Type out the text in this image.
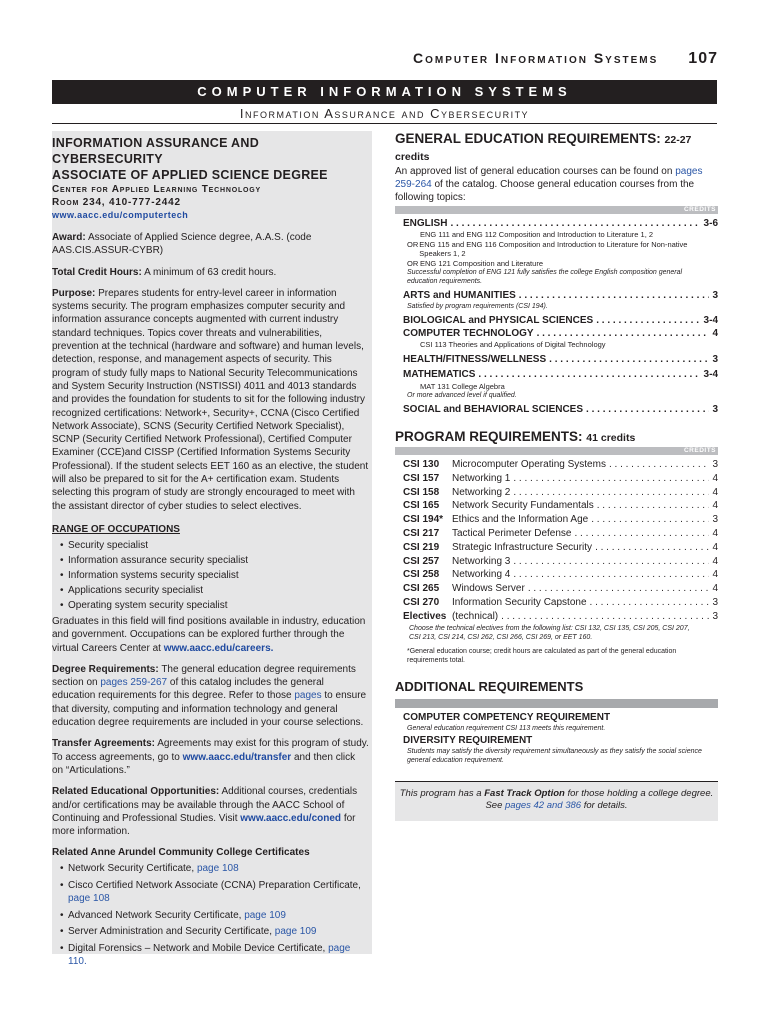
Computer Information Systems 107
COMPUTER INFORMATION SYSTEMS
Information Assurance and Cybersecurity
INFORMATION ASSURANCE AND CYBERSECURITY
ASSOCIATE OF APPLIED SCIENCE DEGREE
Center for Applied Learning Technology
Room 234, 410-777-2442
www.aacc.edu/computertech
Award: Associate of Applied Science degree, A.A.S. (code AAS.CIS.ASSUR-CYBR)
Total Credit Hours: A minimum of 63 credit hours.
Purpose: Prepares students for entry-level career in information systems security. The program emphasizes computer security and information assurance concepts augmented with current industry standard techniques. Topics cover threats and vulnerabilities, prevention at the technical (hardware and software) and human levels, detection, response, and management aspects of security. This program of study fully maps to National Security Telecommunications and System Security Instruction (NSTISSI) 4011 and 4013 standards and provides the foundation for students to sit for the following industry recognized certifications: Network+, Security+, CCNA (Cisco Certified Network Associate), SCNS (Security Certified Network Specialist), SCNP (Security Certified Network Professional), Certified Computer Examiner (CCE)and CISSP (Certified Information Systems Security Professional). If the student selects EET 160 as an elective, the student will also be prepared to sit for the A+ certification exam. Students selecting this program of study are strongly encouraged to meet with the assistant director of cyber studies to select electives.
RANGE OF OCCUPATIONS
• Security specialist
• Information assurance security specialist
• Information systems security specialist
• Applications security specialist
• Operating system security specialist
Graduates in this field will find positions available in industry, education and government. Occupations can be explored further through the virtual Careers Center at www.aacc.edu/careers.
Degree Requirements: The general education degree requirements section on pages 259-267 of this catalog includes the general education requirements for this degree. Refer to those pages to ensure that diversity, computing and information technology and general education degree requirements are included in your course selections.
Transfer Agreements: Agreements may exist for this program of study. To access agreements, go to www.aacc.edu/transfer and then click on “Articulations.”
Related Educational Opportunities: Additional courses, credentials and/or certifications may be available through the AACC School of Continuing and Professional Studies. Visit www.aacc.edu/coned for more information.
Related Anne Arundel Community College Certificates
• Network Security Certificate, page 108
• Cisco Certified Network Associate (CCNA) Preparation Certificate, page 108
• Advanced Network Security Certificate, page 109
• Server Administration and Security Certificate, page 109
• Digital Forensics – Network and Mobile Device Certificate, page 110.
GENERAL EDUCATION REQUIREMENTS: 22-27 credits
An approved list of general education courses can be found on pages 259-264 of the catalog. Choose general education courses from the following topics:
CREDITS
ENGLISH . . .	3-6
ENG 111 and ENG 112 Composition and Introduction to Literature 1, 2
OR ENG 115 and ENG 116 Composition and Introduction to Literature for Non-native Speakers 1, 2
OR ENG 121 Composition and Literature
Successful completion of ENG 121 fully satisfies the college English composition general education requirements.
ARTS and HUMANITIES . . .	3
Satisfied by program requirements (CSI 194).
BIOLOGICAL and PHYSICAL SCIENCES . . .	3-4
COMPUTER TECHNOLOGY . . .	4
CSI 113 Theories and Applications of Digital Technology
HEALTH/FITNESS/WELLNESS . . .	3
MATHEMATICS . . .	3-4
MAT 131 College Algebra
Or more advanced level if qualified.
SOCIAL and BEHAVIORAL SCIENCES . . .	3
PROGRAM REQUIREMENTS: 41 credits
CREDITS
CSI 130	Microcomputer Operating Systems . . .	3
CSI 157	Networking 1 . . .	4
CSI 158	Networking 2 . . .	4
CSI 165	Network Security Fundamentals . . .	4
CSI 194* Ethics and the Information Age . . .	3
CSI 217	Tactical Perimeter Defense . . .	4
CSI 219	Strategic Infrastructure Security . . .	4
CSI 257	Networking 3 . . .	4
CSI 258	Networking 4 . . .	4
CSI 265	Windows Server . . .	4
CSI 270	Information Security Capstone . . .	3
Electives (technical) . . .	3
Choose the technical electives from the following list: CSI 132, CSI 135, CSI 205, CSI 207, CSI 213, CSI 214, CSI 262, CSI 266, CSI 269, or EET 160.
*General education course; credit hours are calculated as part of the general education requirements total.
ADDITIONAL REQUIREMENTS
COMPUTER COMPETENCY REQUIREMENT
General education requirement CSI 113 meets this requirement.
DIVERSITY REQUIREMENT
Students may satisfy the diversity requirement simultaneously as they satisfy the social science general education requirement.
This program has a Fast Track Option for those holding a college degree.
See pages 42 and 386 for details.
